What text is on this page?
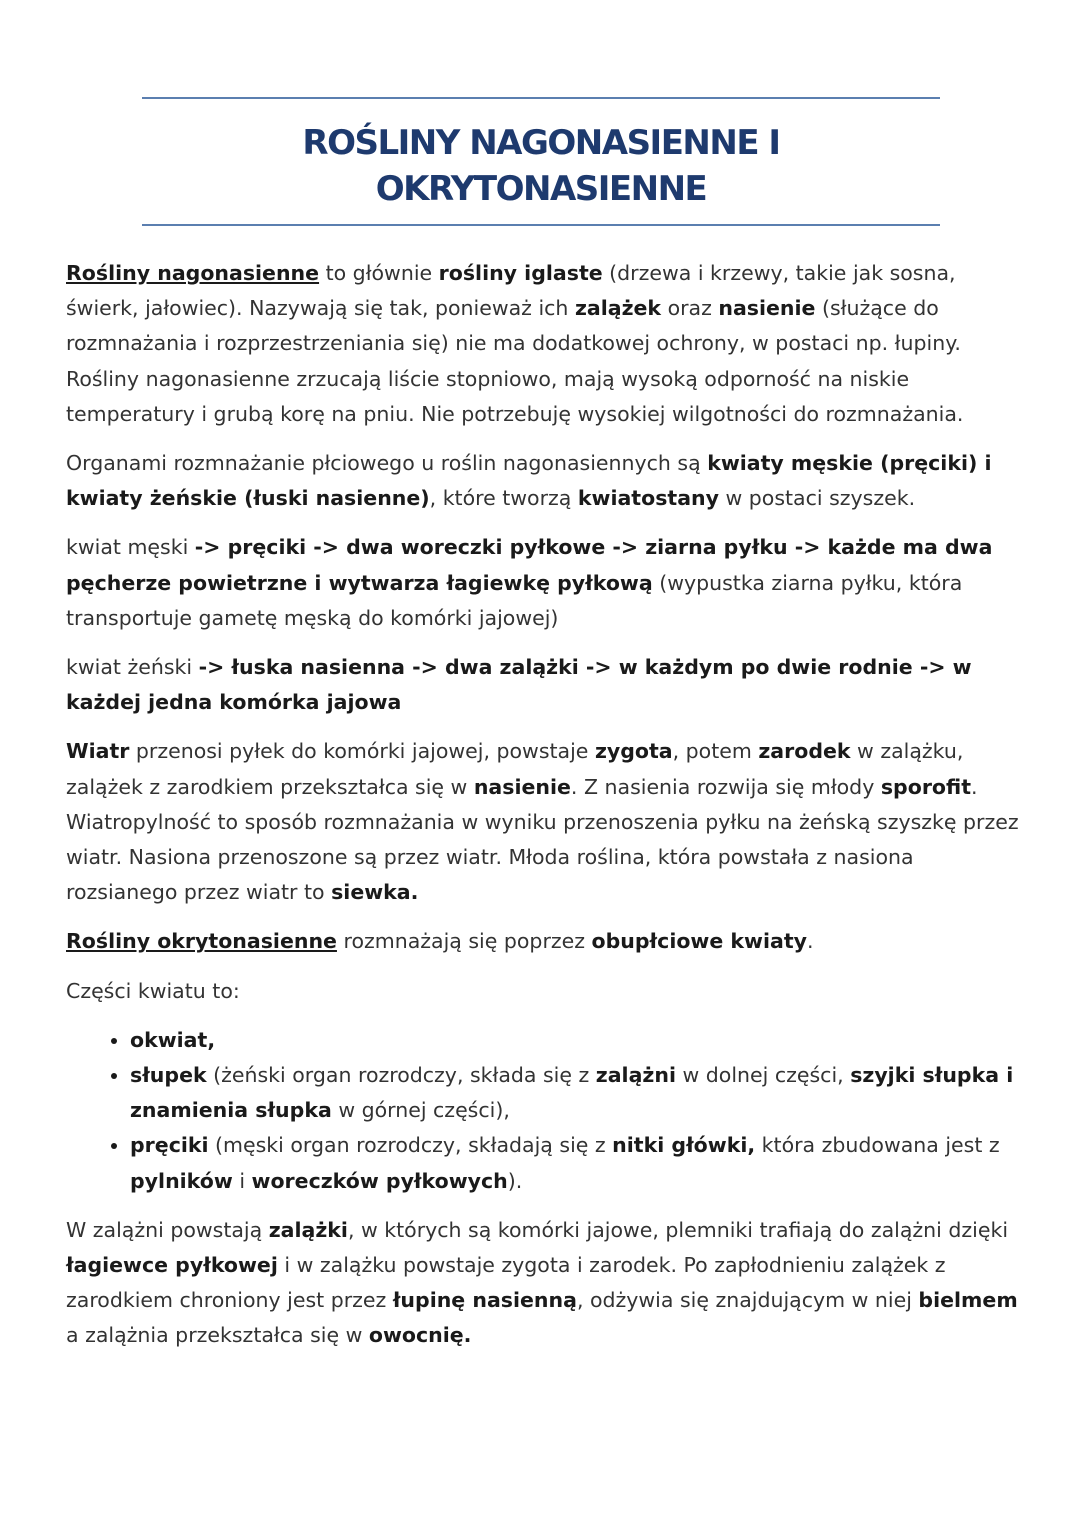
ROŚLINY NAGONASIENNE I
OKRYTONASIENNE

Rośliny nagonasienne to głównie rośliny iglaste (drzewa i krzewy, takie jak sosna, świerk, jałowiec). Nazywają się tak, ponieważ ich zalążek oraz nasienie (służące do rozmnażania i rozprzestrzeniania się) nie ma dodatkowej ochrony, w postaci np. łupiny. Rośliny nagonasienne zrzucają liście stopniowo, mają wysoką odporność na niskie temperatury i grubą korę na pniu. Nie potrzebuję wysokiej wilgotności do rozmnażania.

Organami rozmnażanie płciowego u roślin nagonasiennych są kwiaty męskie (pręciki) i kwiaty żeńskie (łuski nasienne), które tworzą kwiatostany w postaci szyszek.

kwiat męski -> pręciki -> dwa woreczki pyłkowe -> ziarna pyłku -> każde ma dwa pęcherze powietrzne i wytwarza łagiewkę pyłkową (wypustka ziarna pyłku, która transportuje gametę męską do komórki jajowej)

kwiat żeński -> łuska nasienna -> dwa zalążki -> w każdym po dwie rodnie -> w każdej jedna komórka jajowa

Wiatr przenosi pyłek do komórki jajowej, powstaje zygota, potem zarodek w zalążku, zalążek z zarodkiem przekształca się w nasienie. Z nasienia rozwija się młody sporofit. Wiatropylność to sposób rozmnażania w wyniku przenoszenia pyłku na żeńską szyszkę przez wiatr. Nasiona przenoszone są przez wiatr. Młoda roślina, która powstała z nasiona rozsianego przez wiatr to siewka.

Rośliny okrytonasienne rozmnażają się poprzez obupłciowe kwiaty.

Części kwiatu to:

• okwiat,
• słupek (żeński organ rozrodczy, składa się z zalążni w dolnej części, szyjki słupka i znamienia słupka w górnej części),
• pręciki (męski organ rozrodczy, składają się z nitki główki, która zbudowana jest z pylników i woreczków pyłkowych).

W zalążni powstają zalążki, w których są komórki jajowe, plemniki trafiają do zalążni dzięki łagiewce pyłkowej i w zalążku powstaje zygota i zarodek. Po zapłodnieniu zalążek z zarodkiem chroniony jest przez łupinę nasienną, odżywia się znajdującym w niej bielmem a zalążnia przekształca się w owocnię.
